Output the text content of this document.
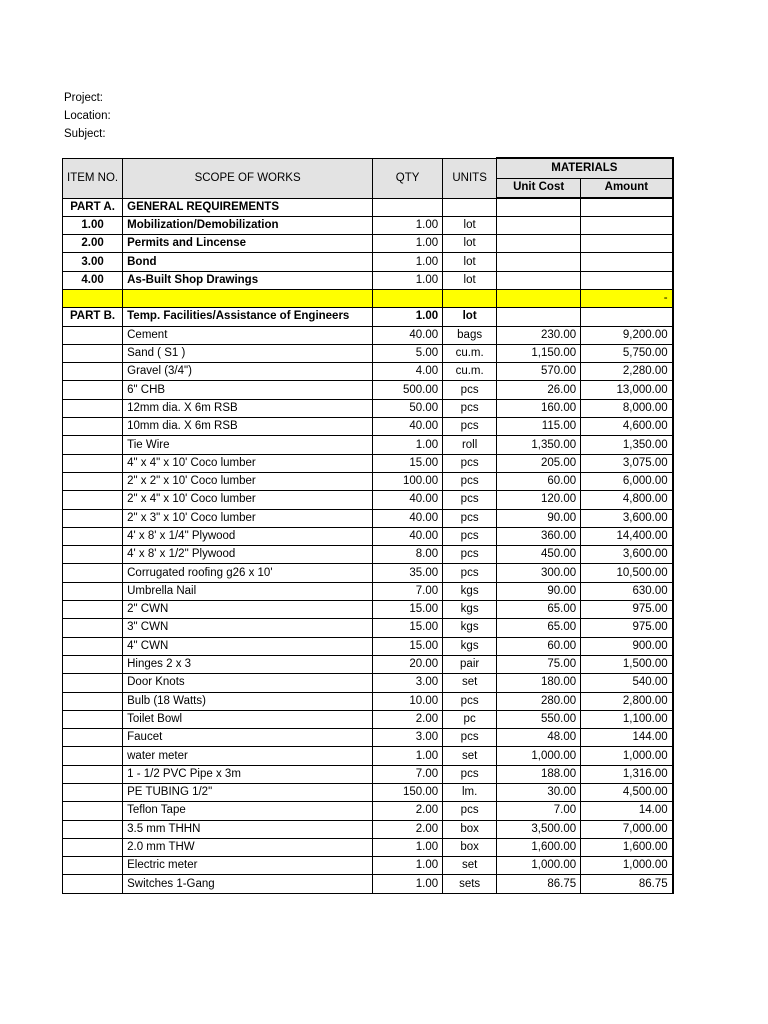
Project:
Location:
Subject:
ITEM NO.	SCOPE OF WORKS	QTY	UNITS	MATERIALS	
				Unit Cost	Amount
PART A.	GENERAL REQUIREMENTS				
1.00	Mobilization/Demobilization	1.00	lot		
2.00	Permits and Lincense	1.00	lot		
3.00	Bond	1.00	lot		
4.00	As-Built Shop Drawings	1.00	lot		
					-
PART B.	Temp. Facilities/Assistance of Engineers	1.00	lot		
	Cement	40.00	bags	230.00	9,200.00
	Sand ( S1 )	5.00	cu.m.	1,150.00	5,750.00
	Gravel (3/4")	4.00	cu.m.	570.00	2,280.00
	6" CHB	500.00	pcs	26.00	13,000.00
	12mm dia. X 6m RSB	50.00	pcs	160.00	8,000.00
	10mm dia. X 6m RSB	40.00	pcs	115.00	4,600.00
	Tie Wire	1.00	roll	1,350.00	1,350.00
	4" x 4" x 10' Coco lumber	15.00	pcs	205.00	3,075.00
	2" x 2" x 10' Coco lumber	100.00	pcs	60.00	6,000.00
	2" x 4" x 10' Coco lumber	40.00	pcs	120.00	4,800.00
	2" x 3" x 10' Coco lumber	40.00	pcs	90.00	3,600.00
	4' x 8' x 1/4" Plywood	40.00	pcs	360.00	14,400.00
	4' x 8' x 1/2" Plywood	8.00	pcs	450.00	3,600.00
	Corrugated roofing g26 x 10'	35.00	pcs	300.00	10,500.00
	Umbrella Nail	7.00	kgs	90.00	630.00
	2" CWN	15.00	kgs	65.00	975.00
	3" CWN	15.00	kgs	65.00	975.00
	4" CWN	15.00	kgs	60.00	900.00
	Hinges 2 x 3	20.00	pair	75.00	1,500.00
	Door Knots	3.00	set	180.00	540.00
	Bulb (18 Watts)	10.00	pcs	280.00	2,800.00
	Toilet Bowl	2.00	pc	550.00	1,100.00
	Faucet	3.00	pcs	48.00	144.00
	water meter	1.00	set	1,000.00	1,000.00
	1 - 1/2 PVC Pipe x 3m	7.00	pcs	188.00	1,316.00
	PE TUBING 1/2"	150.00	lm.	30.00	4,500.00
	Teflon Tape	2.00	pcs	7.00	14.00
	3.5 mm THHN	2.00	box	3,500.00	7,000.00
	2.0 mm THW	1.00	box	1,600.00	1,600.00
	Electric meter	1.00	set	1,000.00	1,000.00
	Switches 1-Gang	1.00	sets	86.75	86.75
